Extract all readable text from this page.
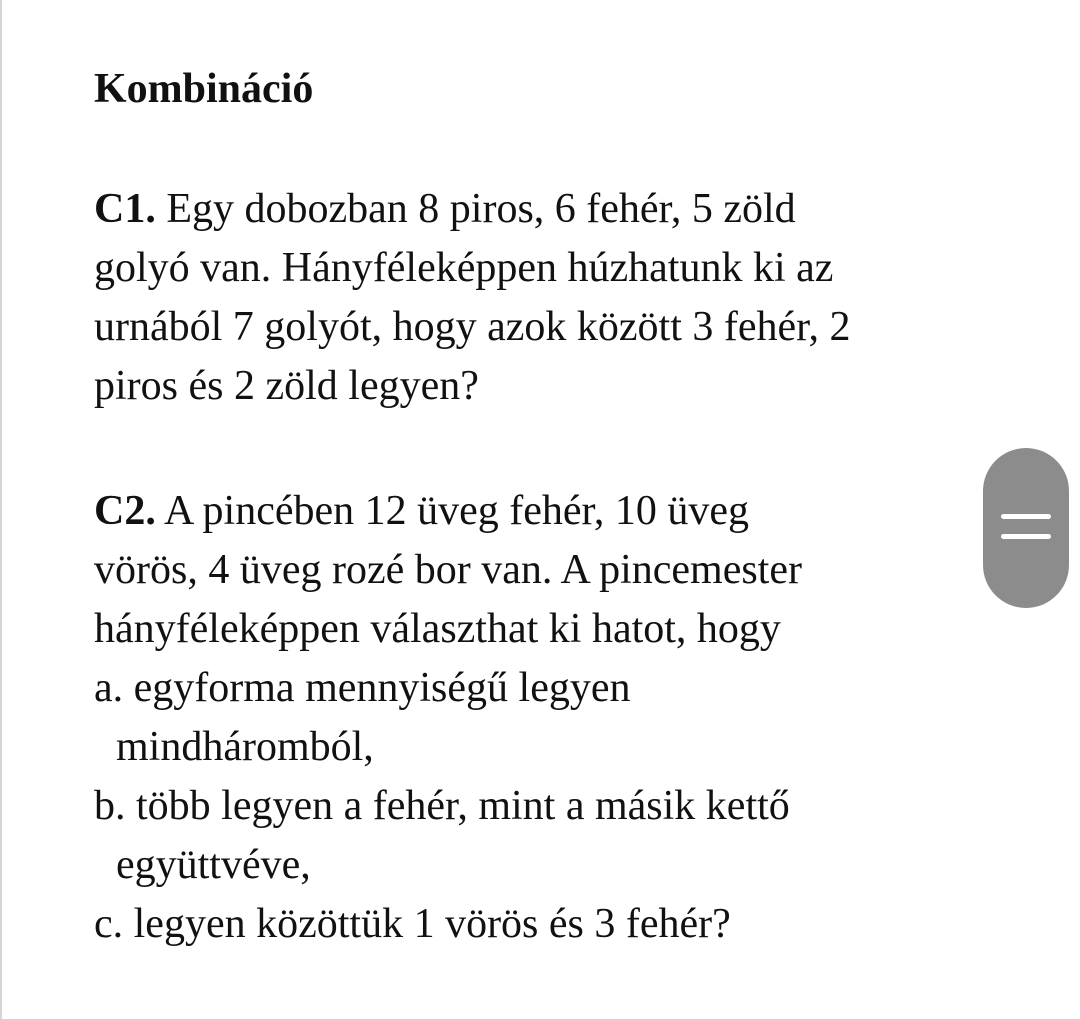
Kombináció
C1. Egy dobozban 8 piros, 6 fehér, 5 zöld
golyó van. Hányféleképpen húzhatunk ki az
urnából 7 golyót, hogy azok között 3 fehér, 2
piros és 2 zöld legyen?
C2. A pincében 12 üveg fehér, 10 üveg
vörös, 4 üveg rozé bor van. A pincemester
hányféleképpen választhat ki hatot, hogy
a. egyforma mennyiségű legyen
mindháromból,
b. több legyen a fehér, mint a másik kettő
együttvéve,
c. legyen közöttük 1 vörös és 3 fehér?
